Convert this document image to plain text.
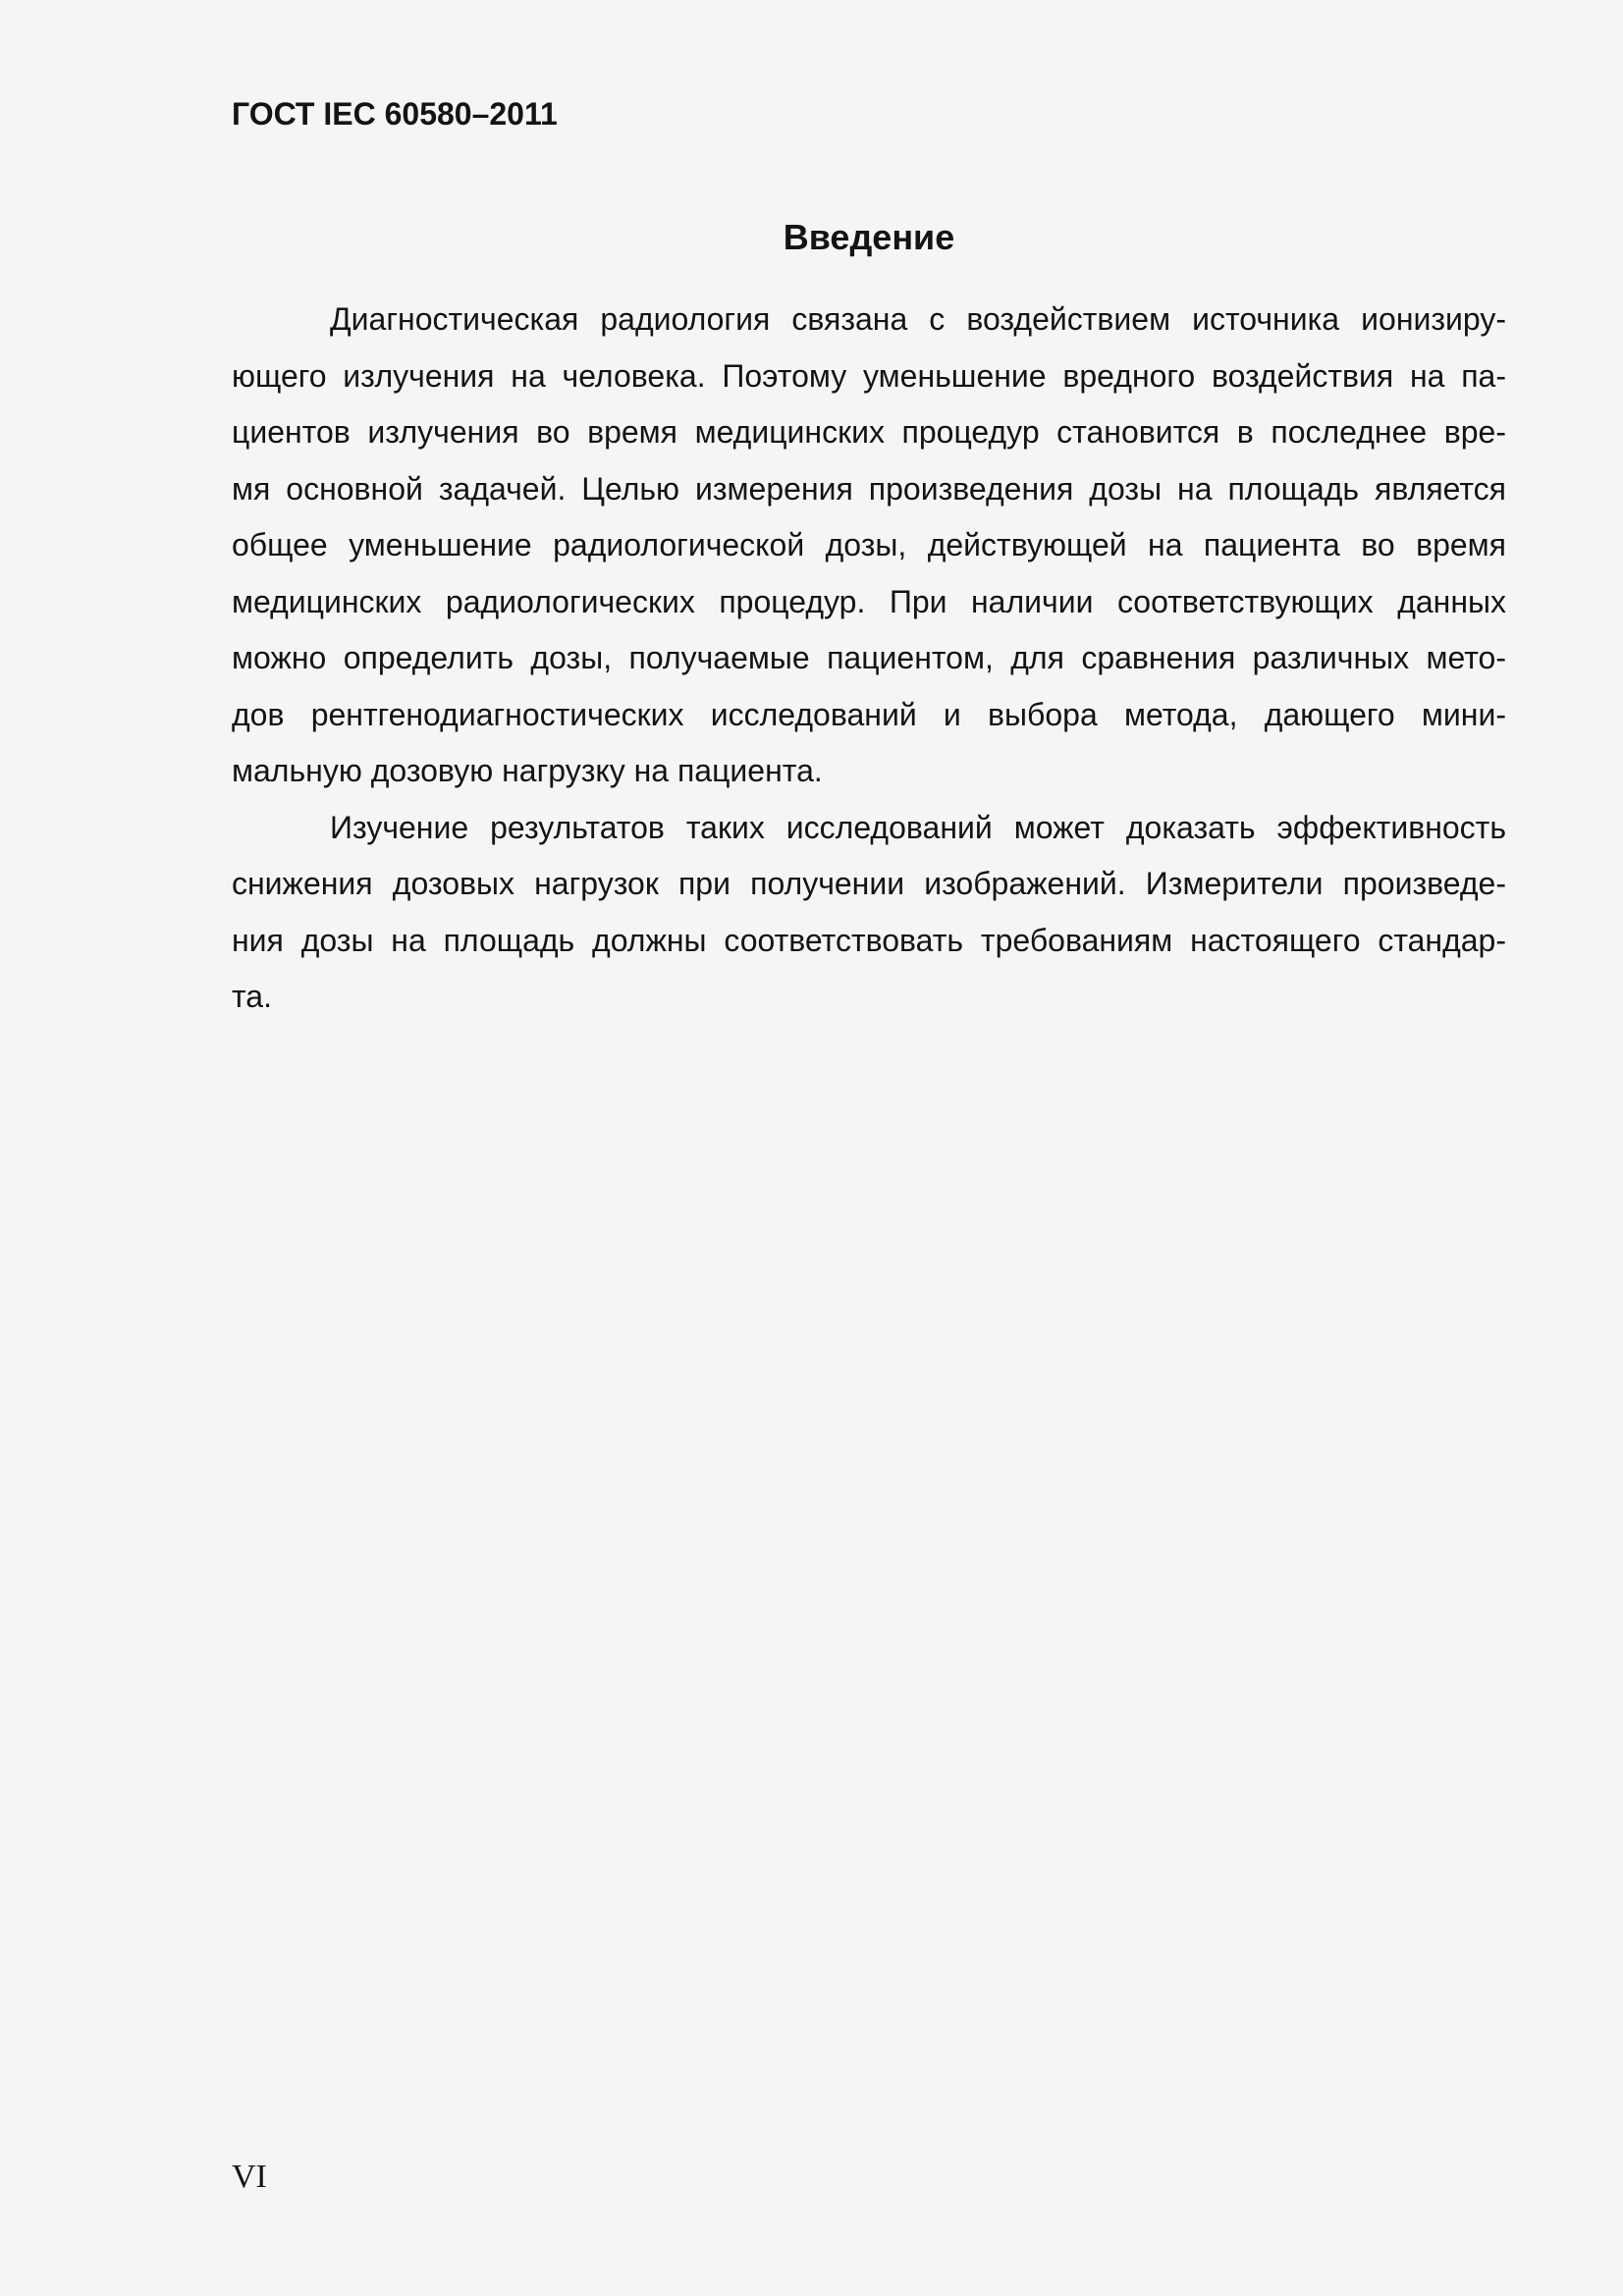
ГОСТ IEC 60580–2011
Введение
Диагностическая радиология связана с воздействием источника ионизиру-
ющего излучения на человека. Поэтому уменьшение вредного воздействия на па-
циентов излучения во время медицинских процедур становится в последнее вре-
мя основной задачей. Целью измерения произведения дозы на площадь является
общее уменьшение радиологической дозы, действующей на пациента во время
медицинских радиологических процедур. При наличии соответствующих данных
можно определить дозы, получаемые пациентом, для сравнения различных мето-
дов рентгенодиагностических исследований и выбора метода, дающего мини-
мальную дозовую нагрузку на пациента.
Изучение результатов таких исследований может доказать эффективность
снижения дозовых нагрузок при получении изображений. Измерители произведе-
ния дозы на площадь должны соответствовать требованиям настоящего стандар-
та.
VI
